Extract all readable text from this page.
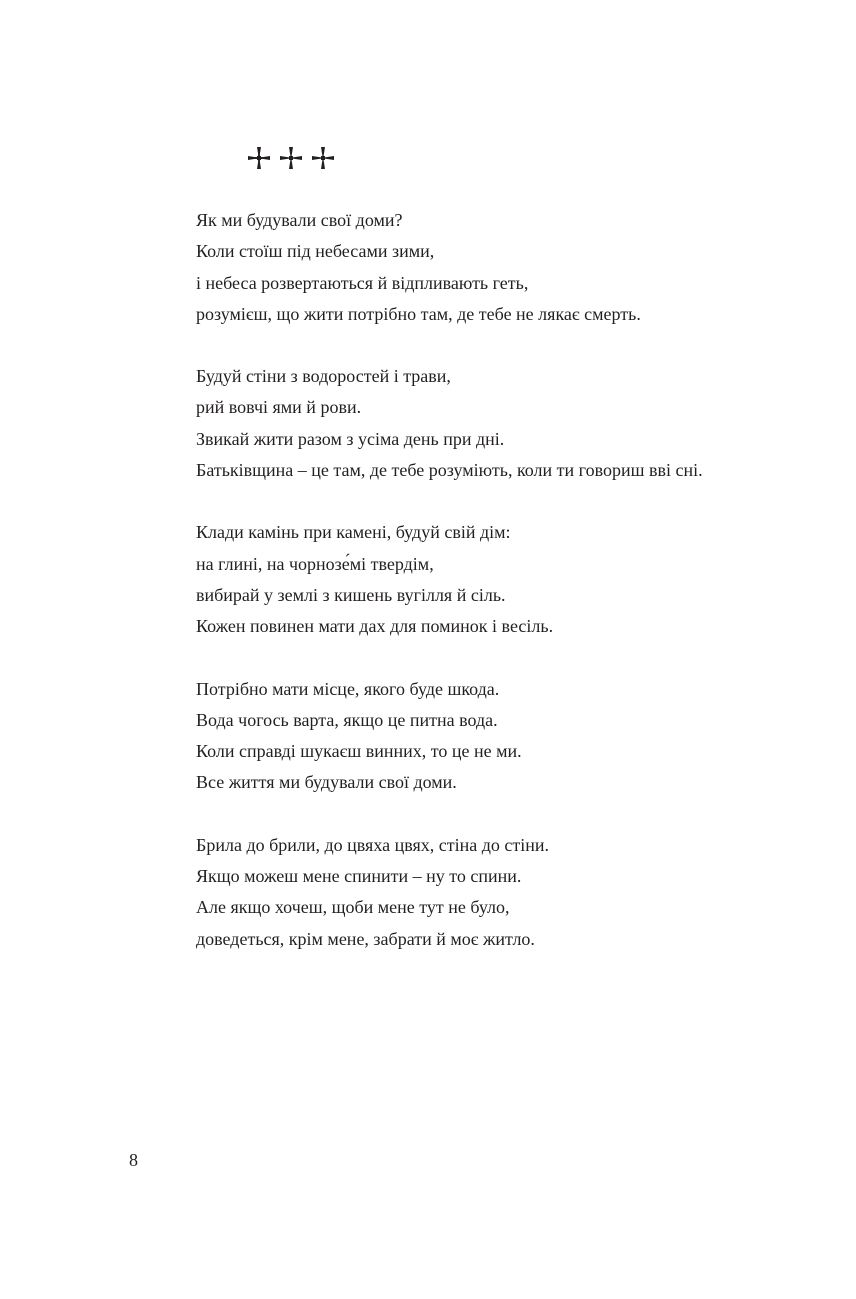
Як ми будували свої доми?
Коли стоїш під небесами зими,
і небеса розвертаються й відпливають геть,
розумієш, що жити потрібно там, де тебе не лякає смерть.
Будуй стіни з водоростей і трави,
рий вовчі ями й рови.
Звикай жити разом з усіма день при дні.
Батьківщина – це там, де тебе розуміють, коли ти говориш вві сні.
Клади камінь при камені, будуй свій дім:
на глині, на чорнозе́мі твердім,
вибирай у землі з кишень вугілля й сіль.
Кожен повинен мати дах для поминок і весіль.
Потрібно мати місце, якого буде шкода.
Вода чогось варта, якщо це питна вода.
Коли справді шукаєш винних, то це не ми.
Все життя ми будували свої доми.
Брила до брили, до цвяха цвях, стіна до стіни.
Якщо можеш мене спинити – ну то спини.
Але якщо хочеш, щоби мене тут не було,
доведеться, крім мене, забрати й моє житло.
8
